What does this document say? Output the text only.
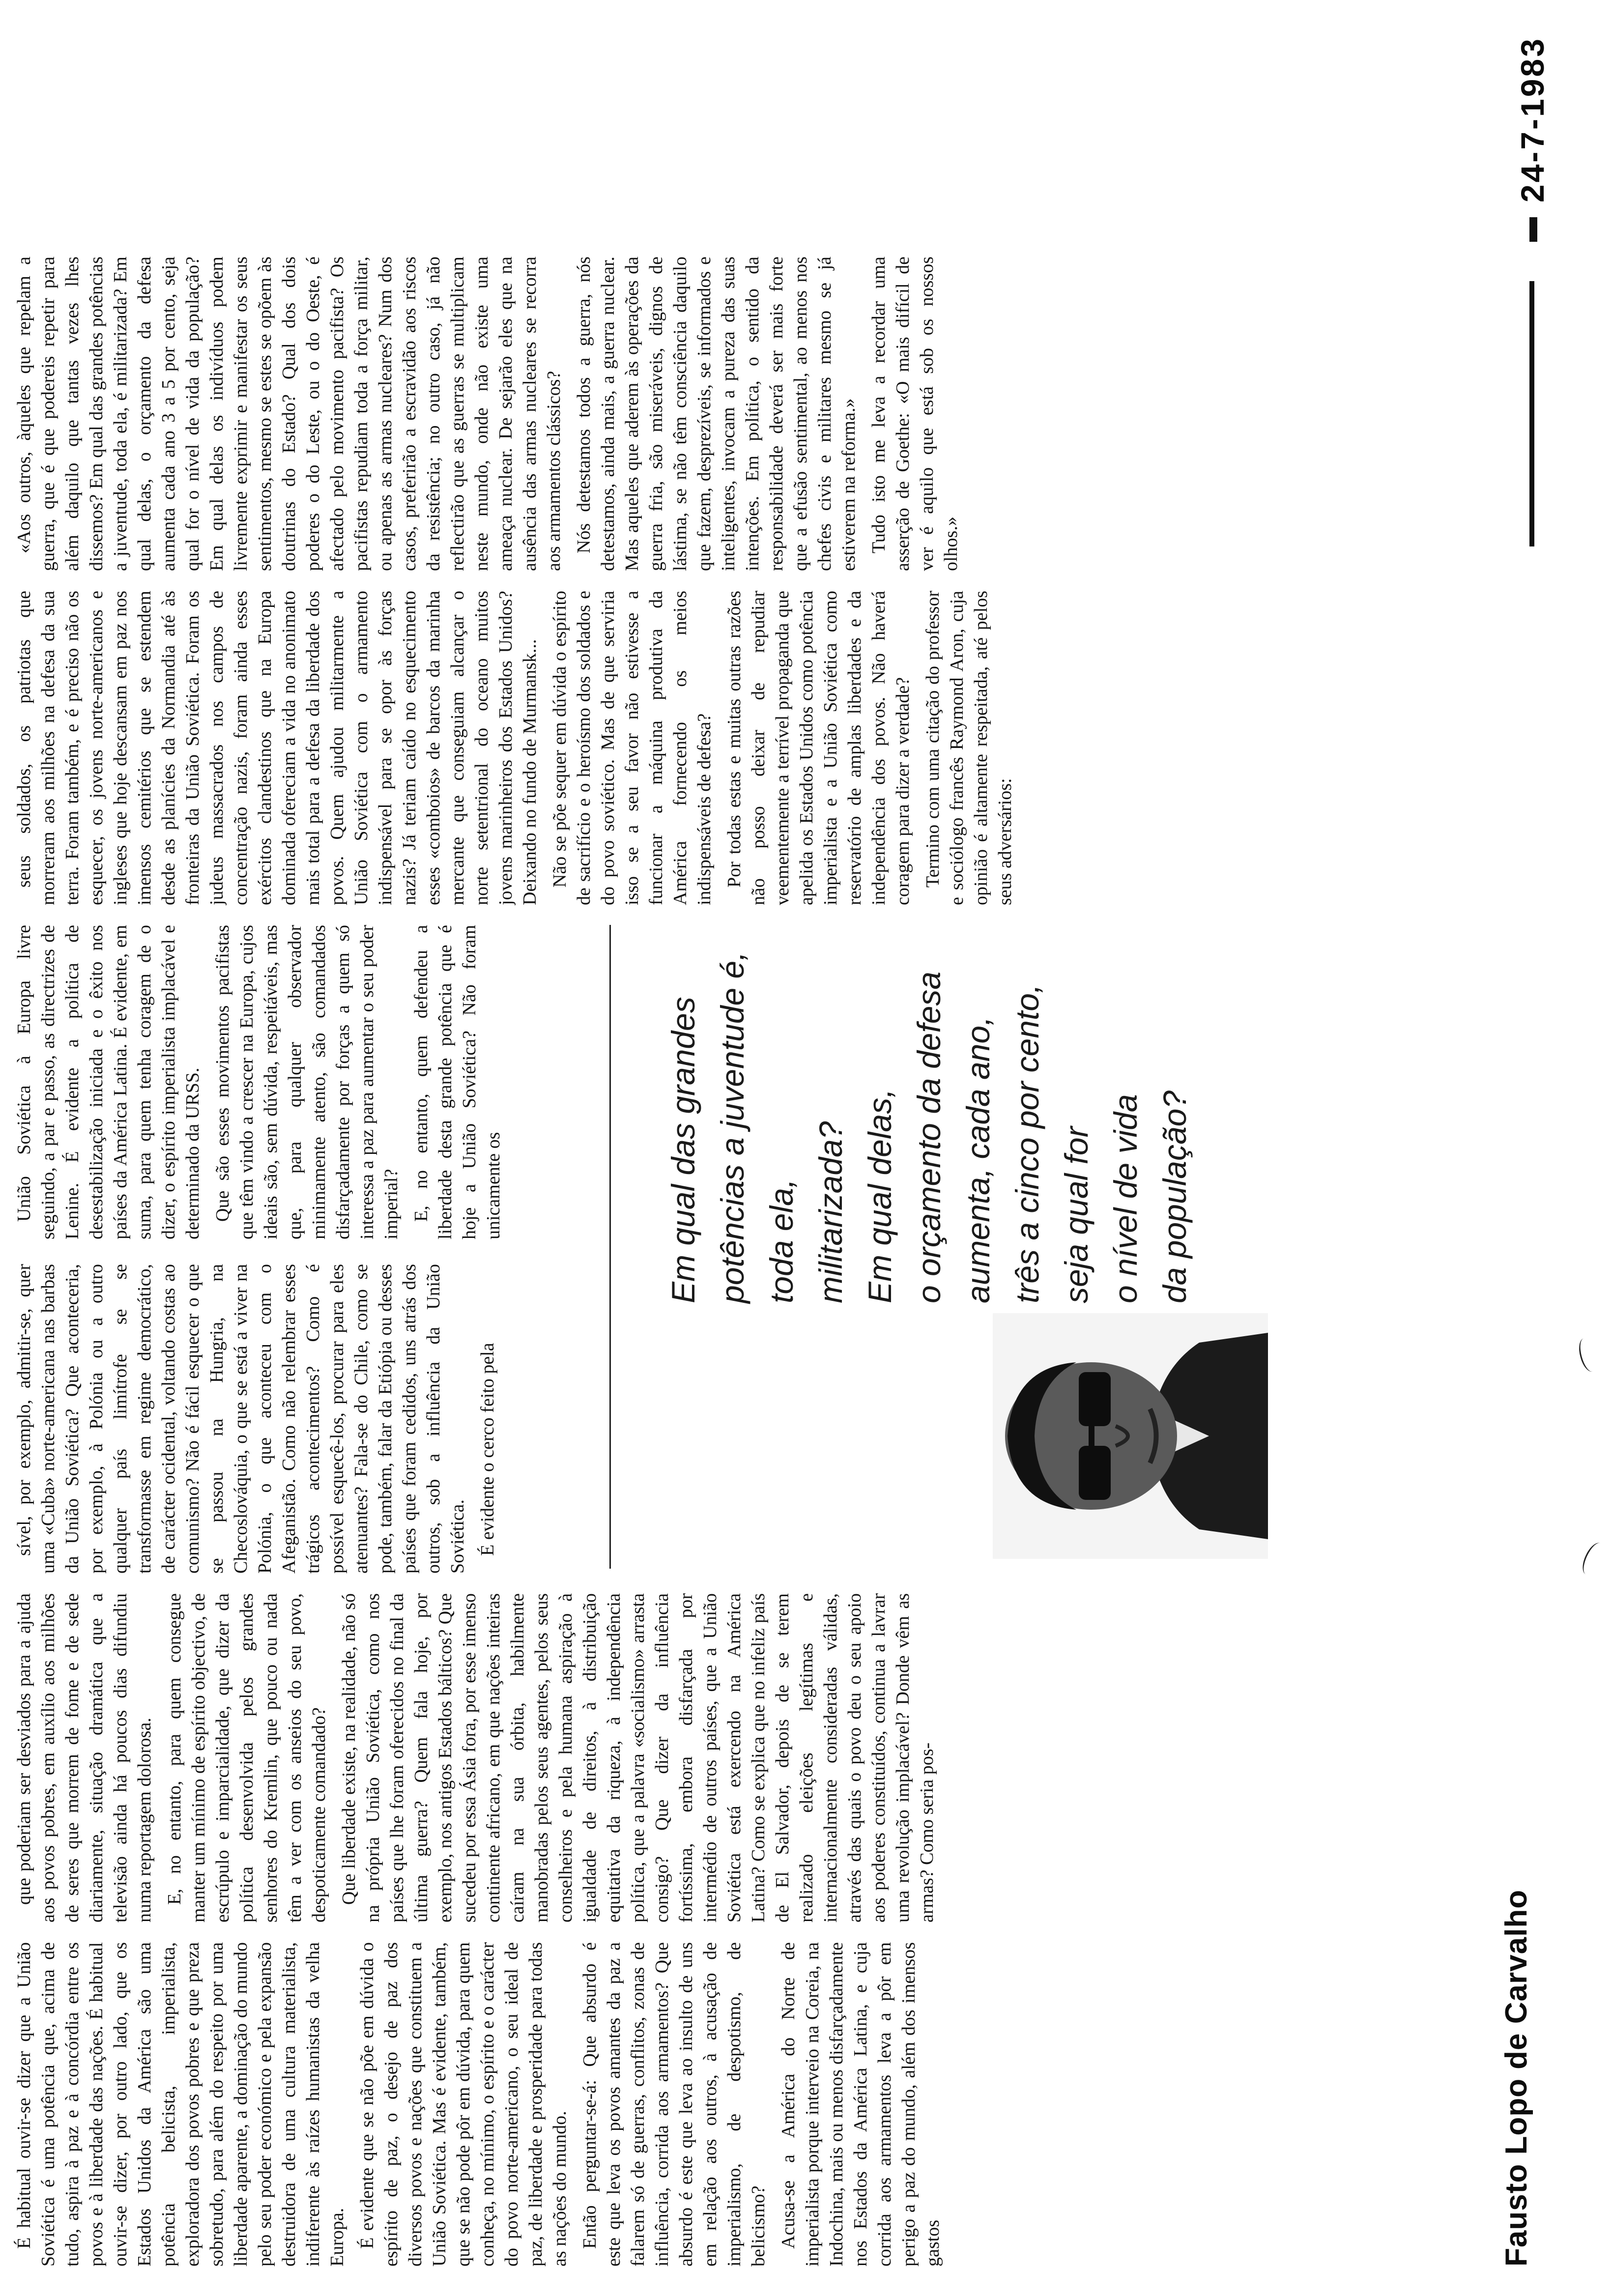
Fausto Lopo de Carvalho

É habitual ouvir-se dizer que a União Soviética é uma potência que, acima de tudo, aspira à paz e à concórdia entre os povos e à liberdade das nações. É habitual ouvir-se dizer, por outro lado, que os Estados Unidos da América são uma potência belicista, imperialista, exploradora dos povos pobres e que preza sobretudo, para além do respeito por uma liberdade aparente, a dominação do mundo pelo seu poder económico e pela expansão destruidora de uma cultura materialista, indiferente às raízes humanistas da velha Europa. É evidente que se não põe em dúvida o espírito de paz, o desejo de paz dos diversos povos e nações que constituem a União Soviética. Mas é evidente, também, que se não pode pôr em dúvida, para quem conheça, no mínimo, o espírito e o carácter do povo norte-americano, o seu ideal de paz, de liberdade e prosperidade para todas as nações do mundo. Então perguntar-se-á: Que absurdo é este que leva os povos amantes da paz a falarem só de guerras, conflitos, zonas de influência, corrida aos armamentos? Que absurdo é este que leva ao insulto de uns em relação aos outros, à acusação de imperialismo, de despotismo, de belicismo? Acusa-se a América do Norte de imperialista porque interveio na Coreia, na Indochina, mais ou menos disfarçadamente nos Estados da América Latina, e cuja corrida aos armamentos leva a pôr em perigo a paz do mundo, além dos imensos gastos

que poderiam ser desviados para a ajuda aos povos pobres, em auxílio aos milhões de seres que morrem de fome e de sede diariamente, situação dramática que a televisão ainda há poucos dias difundiu numa reportagem dolorosa. E, no entanto, para quem consegue manter um mínimo de espírito objectivo, de escrúpulo e imparcialidade, que dizer da política desenvolvida pelos grandes senhores do Kremlin, que pouco ou nada têm a ver com os anseios do seu povo, despoticamente comandado? Que liberdade existe, na realidade, não só na própria União Soviética, como nos países que lhe foram oferecidos no final da última guerra? Quem fala hoje, por exemplo, nos antigos Estados bálticos? Que sucedeu por essa Ásia fora, por esse imenso continente africano, em que nações inteiras caíram na sua órbita, habilmente manobradas pelos seus agentes, pelos seus conselheiros e pela humana aspiração à igualdade de direitos, à distribuição equitativa da riqueza, à independência política, que a palavra «socialismo» arrasta consigo? Que dizer da influência fortíssima, embora disfarçada por intermédio de outros países, que a União Soviética está exercendo na América Latina? Como se explica que no infeliz país de El Salvador, depois de se terem realizado eleições legítimas e internacionalmente consideradas válidas, através das quais o povo deu o seu apoio aos poderes constituídos, continua a lavrar uma revolução implacável? Donde vêm as armas? Como seria pos-

sível, por exemplo, admitir-se, quer uma «Cuba» norte-americana nas barbas da União Soviética? Que aconteceria, por exemplo, à Polónia ou a outro qualquer país limítrofe se se transformasse em regime democrático, de carácter ocidental, voltando costas ao comunismo? Não é fácil esquecer o que se passou na Hungria, na Checoslováquia, o que se está a viver na Polónia, o que aconteceu com o Afeganistão. Como não relembrar esses trágicos acontecimentos? Como é possível esquecê-los, procurar para eles atenuantes? Fala-se do Chile, como se pode, também, falar da Etiópia ou desses países que foram cedidos, uns atrás dos outros, sob a influência da União Soviética. É evidente o cerco feito pela

União Soviética à Europa livre seguindo, a par e passo, as directrizes de Lenine. É evidente a política de desestabilização iniciada e o êxito nos países da América Latina. É evidente, em suma, para quem tenha coragem de o dizer, o espírito imperialista implacável e determinado da URSS. Que são esses movimentos pacifistas que têm vindo a crescer na Europa, cujos ideais são, sem dúvida, respeitáveis, mas que, para qualquer observador minimamente atento, são comandados disfarçadamente por forças a quem só interessa a paz para aumentar o seu poder imperial? E, no entanto, quem defendeu a liberdade desta grande potência que é hoje a União Soviética? Não foram unicamente os

seus soldados, os patriotas que morreram aos milhões na defesa da sua terra. Foram também, e é preciso não os esquecer, os jovens norte-americanos e ingleses que hoje descansam em paz nos imensos cemitérios que se estendem desde as planícies da Normandia até às fronteiras da União Soviética. Foram os judeus massacrados nos campos de concentração nazis, foram ainda esses exércitos clandestinos que na Europa dominada ofereciam a vida no anonimato mais total para a defesa da liberdade dos povos. Quem ajudou militarmente a União Soviética com o armamento indispensável para se opor às forças nazis? Já teriam caído no esquecimento esses «comboios» de barcos da marinha mercante que conseguiam alcançar o norte setentrional do oceano muitos jovens marinheiros dos Estados Unidos? Deixando no fundo de Murmansk... Não se põe sequer em dúvida o espírito de sacrifício e o heroísmo dos soldados e do povo soviético. Mas de que serviria isso se a seu favor não estivesse a funcionar a máquina produtiva da América fornecendo os meios indispensáveis de defesa? Por todas estas e muitas outras razões não posso deixar de repudiar veementemente a terrível propaganda que apelida os Estados Unidos como potência imperialista e a União Soviética como reservatório de amplas liberdades e da independência dos povos. Não haverá coragem para dizer a verdade? Termino com uma citação do professor e sociólogo francês Raymond Aron, cuja opinião é altamente respeitada, até pelos seus adversários:

«Aos outros, àqueles que repelam a guerra, que é que podereis repetir para além daquilo que tantas vezes lhes dissemos? Em qual das grandes potências a juventude, toda ela, é militarizada? Em qual delas, o orçamento da defesa aumenta cada ano 3 a 5 por cento, seja qual for o nível de vida da população? Em qual delas os indivíduos podem livremente exprimir e manifestar os seus sentimentos, mesmo se estes se opõem às doutrinas do Estado? Qual dos dois poderes o do Leste, ou o do Oeste, é afectado pelo movimento pacifista? Os pacifistas repudiam toda a força militar, ou apenas as armas nucleares? Num dos casos, preferirão a escravidão aos riscos da resistência; no outro caso, já não reflectirão que as guerras se multiplicam neste mundo, onde não existe uma ameaça nuclear. De sejarão eles que na ausência das armas nucleares se recorra aos armamentos clássicos? Nós detestamos todos a guerra, nós detestamos, ainda mais, a guerra nuclear. Mas aqueles que aderem às operações da guerra fria, são miseráveis, dignos de lástima, se não têm consciência daquilo que fazem, desprezíveis, se informados e inteligentes, invocam a pureza das suas intenções. Em política, o sentido da responsabilidade deverá ser mais forte que a efusão sentimental, ao menos nos chefes civis e militares mesmo se já estiverem na reforma.» Tudo isto me leva a recordar uma asserção de Goethe: «O mais difícil de ver é aquilo que está sob os nossos olhos.»

Em qual das grandes potências a juventude é, toda ela, militarizada? Em qual delas, o orçamento da defesa aumenta, cada ano, três a cinco por cento, seja qual for o nível de vida da população?
24-7-1983
